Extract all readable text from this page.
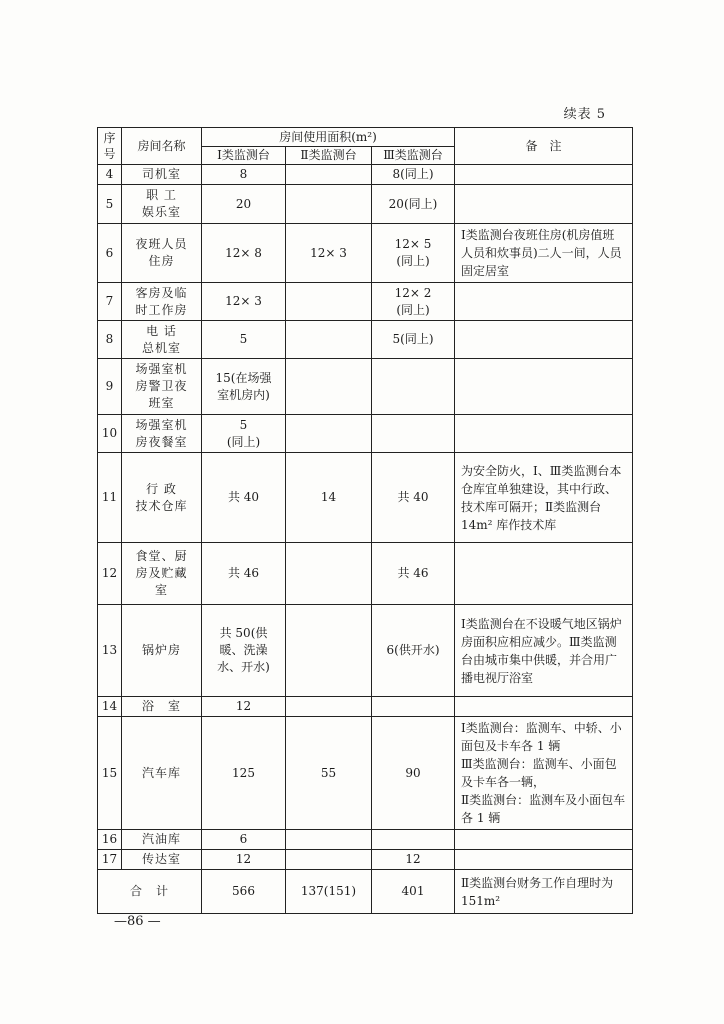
续表 5
序号	房间名称	房间使用面积(m²)			备　注
		Ⅰ类监测台	Ⅱ类监测台	Ⅲ类监测台	
4	司机室	8		8(同上)	
5	职 工
娱乐室	20		20(同上)	
6	夜班人员
住房	12× 8	12× 3	12× 5
(同上)	Ⅰ类监测台夜班住房(机房值班人员和炊事员)二人一间，人员固定居室
7	客房及临
时工作房	12× 3		12× 2
(同上)	
8	电 话
总机室	5		5(同上)	
9	场强室机
房警卫夜
班室	15(在场强
室机房内)			
10	场强室机
房夜餐室	5
(同上)			
11	行 政
技术仓库	共 40	14	共 40	为安全防火，Ⅰ、Ⅲ类监测台本仓库宜单独建设，其中行政、技术库可隔开；Ⅱ类监测台 14m² 库作技术库
12	食堂、厨
房及贮藏
室	共 46		共 46	
13	锅炉房	共 50(供
暖、洗澡
水、开水)		6(供开水)	Ⅰ类监测台在不设暖气地区锅炉房面积应相应减少。Ⅲ类监测台由城市集中供暖，并合用广播电视厅浴室
14	浴　室	12			
15	汽车库	125	55	90	Ⅰ类监测台：监测车、中轿、小面包及卡车各 1 辆
Ⅲ类监测台：监测车、小面包及卡车各一辆，
Ⅱ类监测台：监测车及小面包车各 1 辆
16	汽油库	6			
17	传达室	12		12	
合　计		566	137(151)	401	Ⅱ类监测台财务工作自理时为 151m²
—86 —
